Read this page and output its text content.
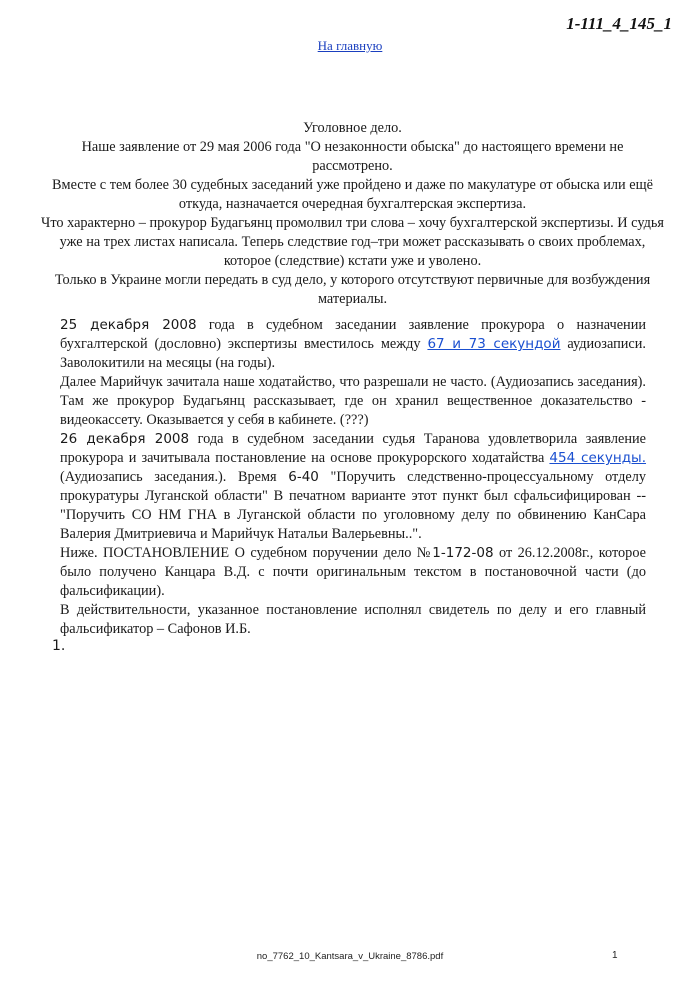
1-111_4_145_1
На главную

Уголовное дело.

Наше заявление от 29 мая 2006 года "О незаконности обыска" до настоящего времени не рассмотрено.

Вместе с тем более 30 судебных заседаний уже пройдено и даже по макулатуре от обыска или ещё откуда, назначается очередная бухгалтерская экспертиза.

Что характерно – прокурор Будагьянц промолвил три слова – хочу бухгалтерской экспертизы. И судья уже на трех листах написала. Теперь следствие год–три может рассказывать о своих проблемах, которое (следствие) кстати уже и уволено.

Только в Украине могли передать в суд дело, у которого отсутствуют первичные для возбуждения материалы.

25 декабря 2008 года в судебном заседании заявление прокурора о назначении бухгалтерской (дословно) экспертизы вместилось между 67 и 73 секундой аудиозаписи. Заволокитили на месяцы (на годы).

Далее Марийчук зачитала наше ходатайство, что разрешали не часто. (Аудиозапись заседания). Там же прокурор Будагьянц рассказывает, где он хранил вещественное доказательство - видеокассету. Оказывается у себя в кабинете. (???)

26 декабря 2008 года в судебном заседании судья Таранова удовлетворила заявление прокурора и зачитывала постановление на основе прокурорского ходатайства 454 секунды. (Аудиозапись заседания.). Время 6-40 "Поручить следственно-процессуальному отделу прокуратуры Луганской области" В печатном варианте этот пункт был сфальсифицирован -- "Поручить СО НМ ГНА в Луганской области по уголовному делу по обвинению КанСара Валерия Дмитриевича и Марийчук Натальи Валерьевны..".

Ниже. ПОСТАНОВЛЕНИЕ О судебном поручении дело №1-172-08 от 26.12.2008г., которое было получено Канцара В.Д. с почти оригинальным текстом в постановочной части (до фальсификации).

В действительности, указанное постановление исполнял свидетель по делу и его главный фальсификатор – Сафонов И.Б.

1.
no_7762_10_Kantsara_v_Ukraine_8786.pdf	1
